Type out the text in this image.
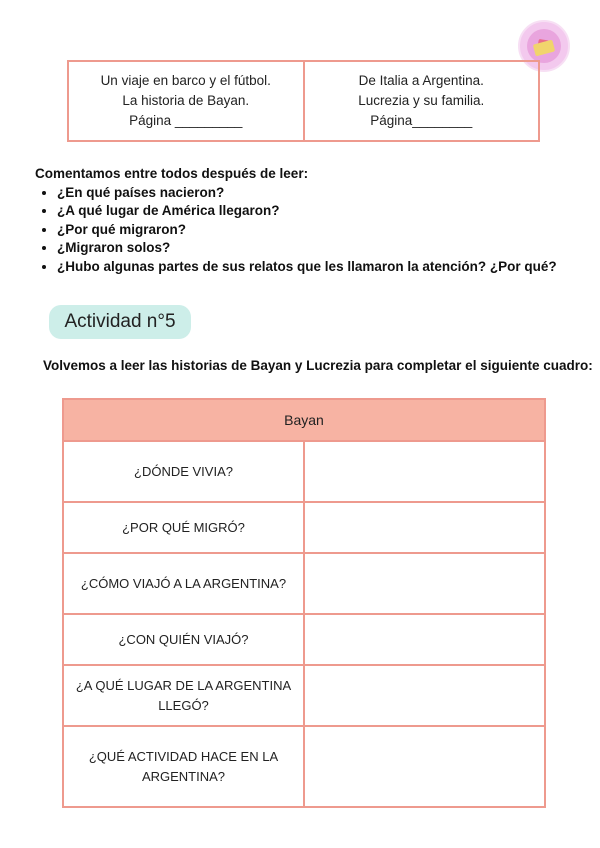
Un viaje en barco y el fútbol.
La historia de Bayan.
Página _________
De Italia a Argentina.
Lucrezia y su familia.
Página________
Comentamos entre todos después de leer:
• ¿En qué países nacieron?
• ¿A qué lugar de América llegaron?
• ¿Por qué migraron?
• ¿Migraron solos?
• ¿Hubo algunas partes de sus relatos que les llamaron la atención? ¿Por qué?
Actividad n°5
Volvemos a leer las historias de Bayan y Lucrezia para completar el siguiente cuadro:
Bayan	
¿DÓNDE VIVIA?	
¿POR QUÉ MIGRÓ?	
¿CÓMO VIAJÓ A LA ARGENTINA?	
¿CON QUIÉN VIAJÓ?	
¿A QUÉ LUGAR DE LA ARGENTINA LLEGÓ?	
¿QUÉ ACTIVIDAD HACE EN LA ARGENTINA?	
